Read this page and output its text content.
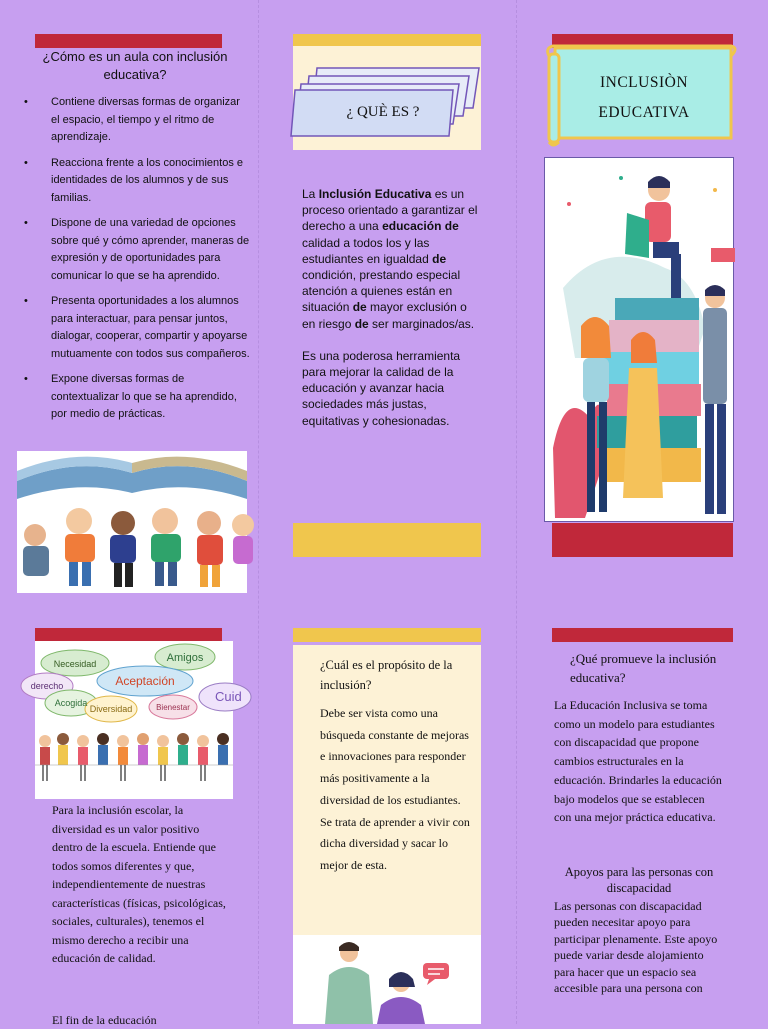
¿Cómo es un aula con inclusión educativa?
• Contiene diversas formas de organizar el espacio, el tiempo y el ritmo de aprendizaje.
• Reacciona frente a los conocimientos e identidades de los alumnos y de sus familias.
• Dispone de una variedad de opciones sobre qué y cómo aprender, maneras de expresión y de oportunidades para comunicar lo que se ha aprendido.
• Presenta oportunidades a los alumnos para interactuar, para pensar juntos, dialogar, cooperar, compartir y apoyarse mutuamente con todos sus compañeros.
• Expone diversas formas de contextualizar lo que se ha aprendido, por medio de prácticas.
¿ QUÈ ES ?

La Inclusión Educativa es un proceso orientado a garantizar el derecho a una educación de calidad a todos los y las estudiantes en igualdad de condición, prestando especial atención a quienes están en situación de mayor exclusión o en riesgo de ser marginados/as.

Es una poderosa herramienta para mejorar la calidad de la educación y avanzar hacia sociedades más justas, equitativas y cohesionadas.

INCLUSIÒN
EDUCATIVA
Necesidad	Amigos
Aceptación
derecho
Acogida
Diversidad	Bienestar
Cuid
Para la inclusión escolar, la diversidad es un valor positivo dentro de la escuela. Entiende que todos somos diferentes y que, independientemente de nuestras características (físicas, psicológicas, sociales, culturales), tenemos el mismo derecho a recibir una educación de calidad.
El fin de la educación
¿Cuál es el propósito de la inclusión?
Debe ser vista como una búsqueda constante de mejoras e innovaciones para responder más positivamente a la diversidad de los estudiantes. Se trata de aprender a vivir con dicha diversidad y sacar lo mejor de esta.
¿Qué promueve la inclusión educativa?
La Educación Inclusiva se toma como un modelo para estudiantes con discapacidad que propone cambios estructurales en la educación. Brindarles la educación bajo modelos que se establecen con una mejor práctica educativa.
Apoyos para las personas con discapacidad
Las personas con discapacidad pueden necesitar apoyo para participar plenamente. Este apoyo puede variar desde alojamiento para hacer que un espacio sea accesible para una persona con
